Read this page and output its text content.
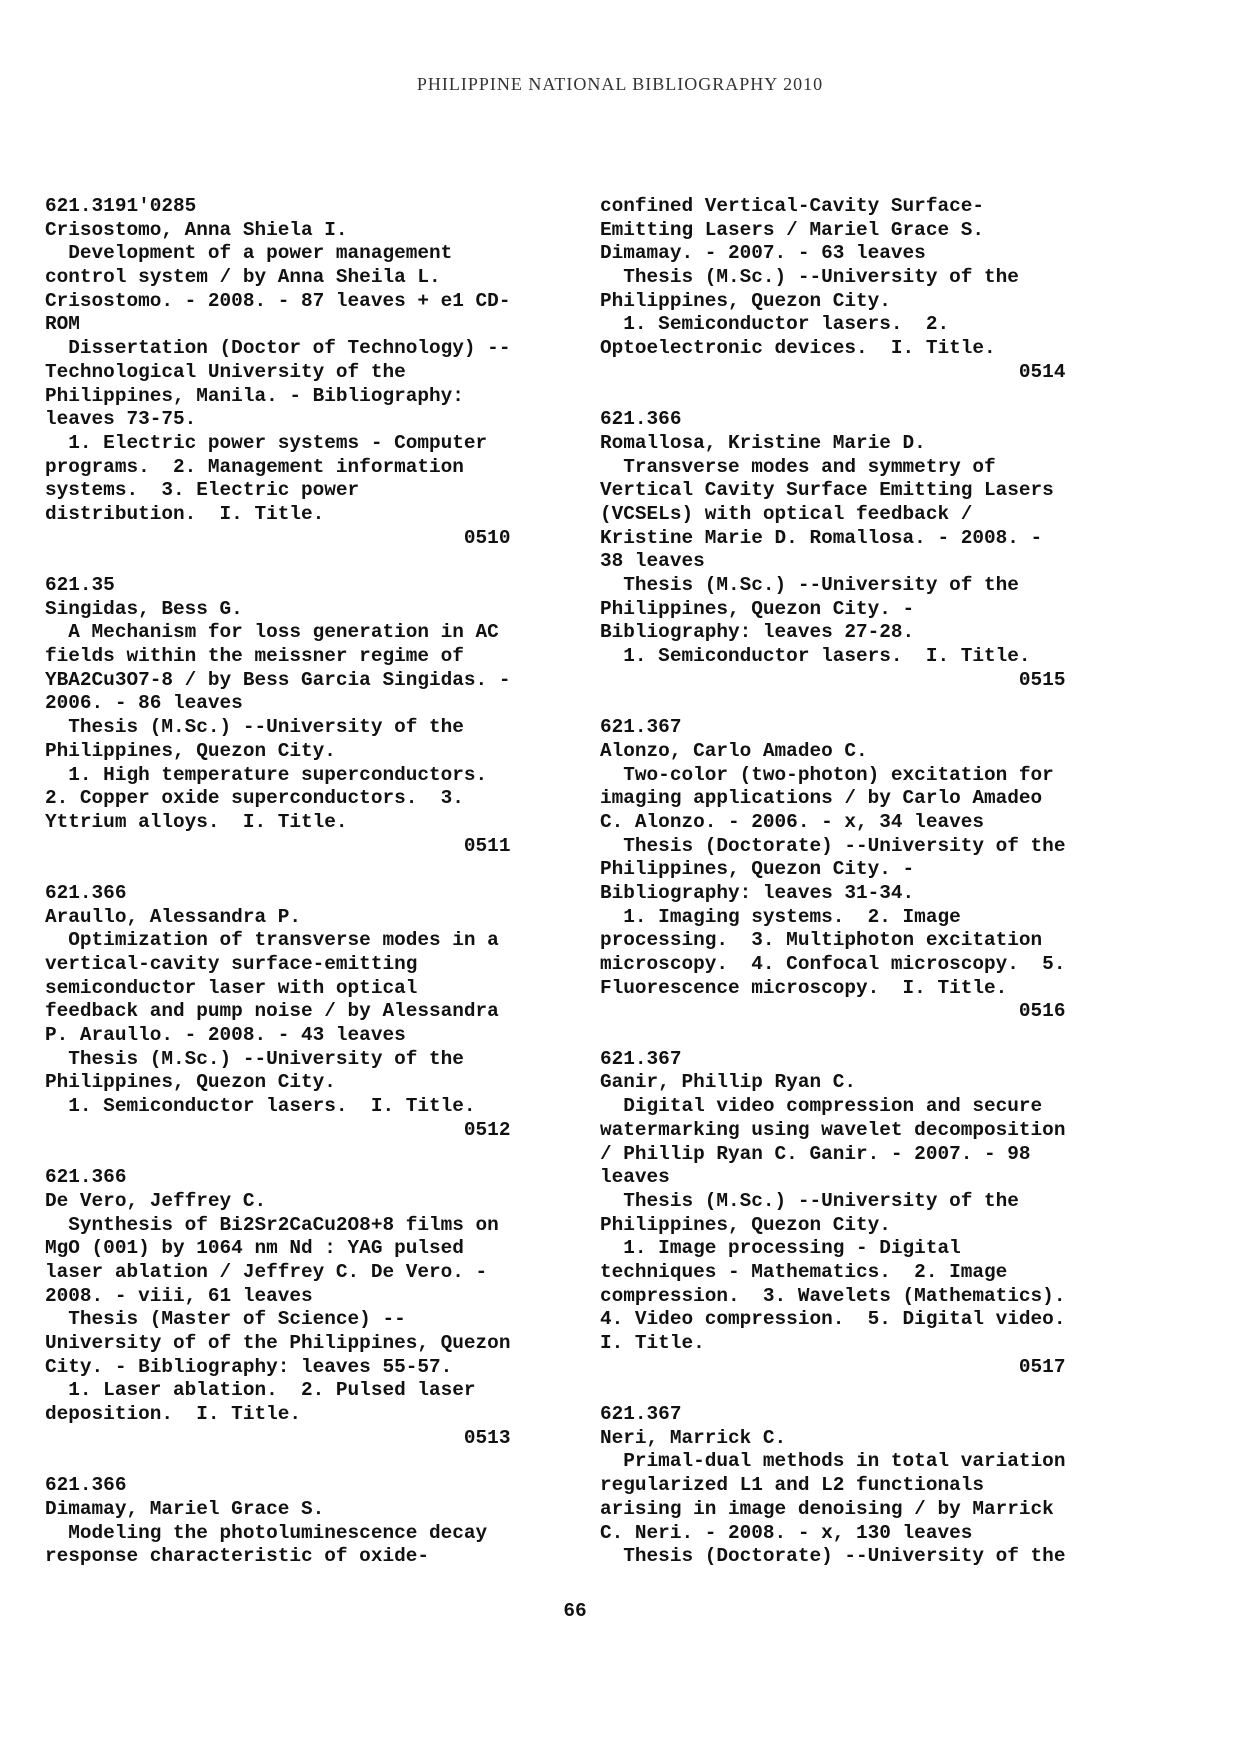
PHILIPPINE NATIONAL BIBLIOGRAPHY 2010
621.3191'0285
Crisostomo, Anna Shiela I.
Development of a power management
control system / by Anna Sheila L.
Crisostomo. - 2008. - 87 leaves + e1 CD-
ROM
Dissertation (Doctor of Technology) --
Technological University of the
Philippines, Manila. - Bibliography:
leaves 73-75.
1. Electric power systems - Computer
programs.  2. Management information
systems.  3. Electric power
distribution.  I. Title.
0510
621.35
Singidas, Bess G.
A Mechanism for loss generation in AC
fields within the meissner regime of
YBA2Cu3O7-8 / by Bess Garcia Singidas. -
2006. - 86 leaves
Thesis (M.Sc.) --University of the
Philippines, Quezon City.
1. High temperature superconductors.
2. Copper oxide superconductors.  3.
Yttrium alloys.  I. Title.
0511
621.366
Araullo, Alessandra P.
Optimization of transverse modes in a
vertical-cavity surface-emitting
semiconductor laser with optical
feedback and pump noise / by Alessandra
P. Araullo. - 2008. - 43 leaves
Thesis (M.Sc.) --University of the
Philippines, Quezon City.
1. Semiconductor lasers.  I. Title.
0512
621.366
De Vero, Jeffrey C.
Synthesis of Bi2Sr2CaCu2O8+8 films on
MgO (001) by 1064 nm Nd : YAG pulsed
laser ablation / Jeffrey C. De Vero. -
2008. - viii, 61 leaves
Thesis (Master of Science) --
University of of the Philippines, Quezon
City. - Bibliography: leaves 55-57.
1. Laser ablation.  2. Pulsed laser
deposition.  I. Title.
0513
621.366
Dimamay, Mariel Grace S.
Modeling the photoluminescence decay
response characteristic of oxide-
confined Vertical-Cavity Surface-
Emitting Lasers / Mariel Grace S.
Dimamay. - 2007. - 63 leaves
Thesis (M.Sc.) --University of the
Philippines, Quezon City.
1. Semiconductor lasers.  2.
Optoelectronic devices.  I. Title.
0514
621.366
Romallosa, Kristine Marie D.
Transverse modes and symmetry of
Vertical Cavity Surface Emitting Lasers
(VCSELs) with optical feedback /
Kristine Marie D. Romallosa. - 2008. -
38 leaves
Thesis (M.Sc.) --University of the
Philippines, Quezon City. -
Bibliography: leaves 27-28.
1. Semiconductor lasers.  I. Title.
0515
621.367
Alonzo, Carlo Amadeo C.
Two-color (two-photon) excitation for
imaging applications / by Carlo Amadeo
C. Alonzo. - 2006. - x, 34 leaves
Thesis (Doctorate) --University of the
Philippines, Quezon City. -
Bibliography: leaves 31-34.
1. Imaging systems.  2. Image
processing.  3. Multiphoton excitation
microscopy.  4. Confocal microscopy.  5.
Fluorescence microscopy.  I. Title.
0516
621.367
Ganir, Phillip Ryan C.
Digital video compression and secure
watermarking using wavelet decomposition
/ Phillip Ryan C. Ganir. - 2007. - 98
leaves
Thesis (M.Sc.) --University of the
Philippines, Quezon City.
1. Image processing - Digital
techniques - Mathematics.  2. Image
compression.  3. Wavelets (Mathematics).
4. Video compression.  5. Digital video.
I. Title.
0517
621.367
Neri, Marrick C.
Primal-dual methods in total variation
regularized L1 and L2 functionals
arising in image denoising / by Marrick
C. Neri. - 2008. - x, 130 leaves
Thesis (Doctorate) --University of the
66
